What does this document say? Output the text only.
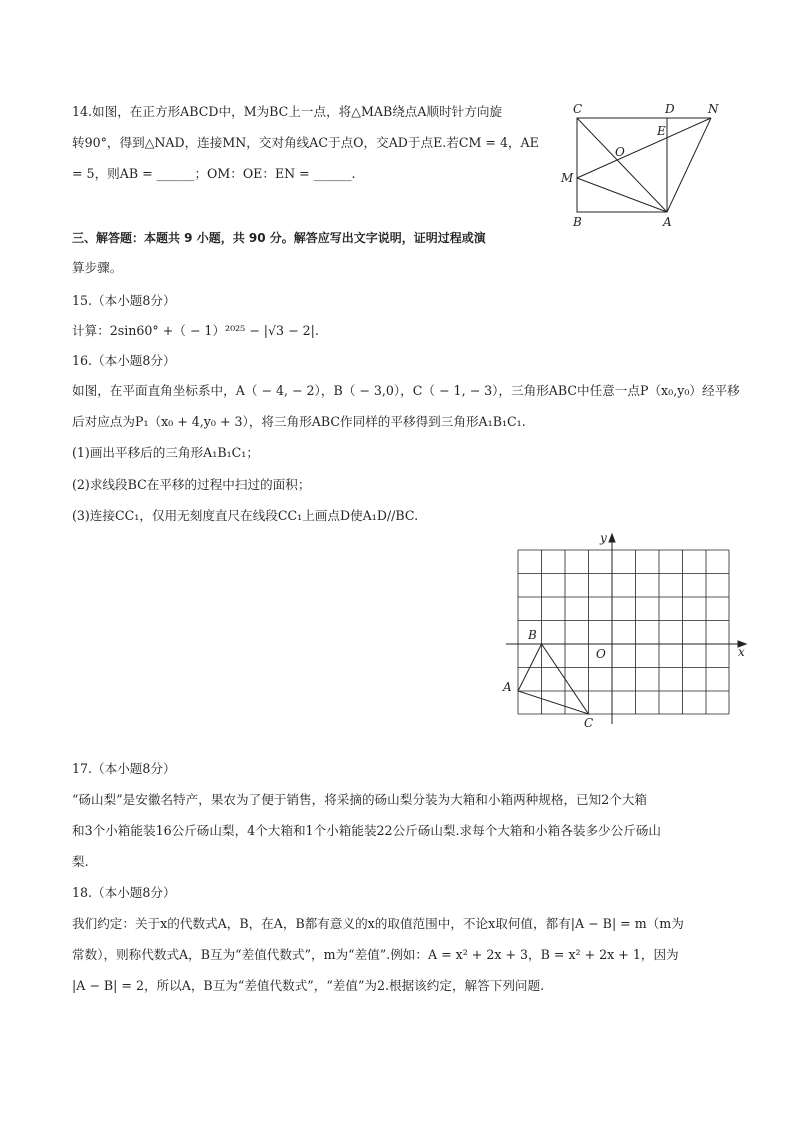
14.如图，在正方形ABCD中，M为BC上一点，将△MAB绕点A顺时针方向旋
转90°，得到△NAD，连接MN，交对角线AC于点O，交AD于点E.若CM = 4，AE
= 5，则AB = ______；OM：OE：EN = ______.
C	D	N
E
O
M
B	A
三、解答题：本题共 9 小题，共 90 分。解答应写出文字说明，证明过程或演
算步骤。
15.（本小题8分）
计算：2sin60° +（ − 1）²⁰²⁵ − |√3 − 2|.
16.（本小题8分）
如图，在平面直角坐标系中，A（ − 4, − 2），B（ − 3,0），C（ − 1, − 3），三角形ABC中任意一点P（x₀,y₀）经平移
后对应点为P₁（x₀ + 4,y₀ + 3），将三角形ABC作同样的平移得到三角形A₁B₁C₁.
(1)画出平移后的三角形A₁B₁C₁；
(2)求线段BC在平移的过程中扫过的面积；
(3)连接CC₁，仅用无刻度直尺在线段CC₁上画点D使A₁D//BC.
y
x
O
A
B
C
17.（本小题8分）
“砀山梨”是安徽名特产，果农为了便于销售，将采摘的砀山梨分装为大箱和小箱两种规格，已知2个大箱
和3个小箱能装16公斤砀山梨，4个大箱和1个小箱能装22公斤砀山梨.求每个大箱和小箱各装多少公斤砀山
梨.
18.（本小题8分）
我们约定：关于x的代数式A，B，在A，B都有意义的x的取值范围中，不论x取何值，都有|A − B| = m（m为
常数），则称代数式A，B互为“差值代数式”，m为“差值”.例如：A = x² + 2x + 3，B = x² + 2x + 1，因为
|A − B| = 2，所以A，B互为“差值代数式”，“差值”为2.根据该约定，解答下列问题.
